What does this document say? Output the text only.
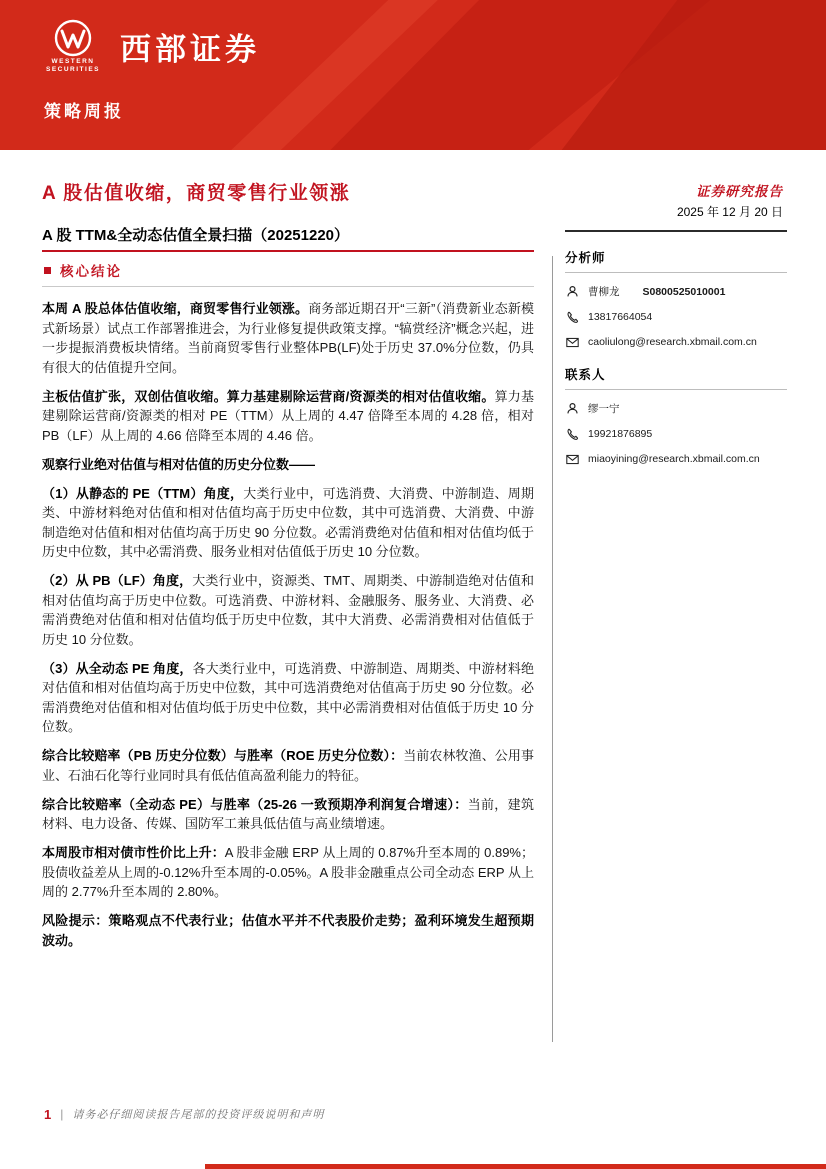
WESTERN
SECURITIES
西部证券
策略周报
A 股估值收缩，商贸零售行业领涨
A 股 TTM&全动态估值全景扫描（20251220）
证券研究报告
2025 年 12 月 20 日
核心结论

本周 A 股总体估值收缩，商贸零售行业领涨。商务部近期召开“三新”（消费新业态新模式新场景）试点工作部署推进会，为行业修复提供政策支撑。“犒赏经济”概念兴起，进一步提振消费板块情绪。当前商贸零售行业整体PB(LF)处于历史 37.0%分位数，仍具有很大的估值提升空间。

主板估值扩张，双创估值收缩。算力基建剔除运营商/资源类的相对估值收缩。算力基建剔除运营商/资源类的相对 PE（TTM）从上周的 4.47 倍降至本周的 4.28 倍，相对 PB（LF）从上周的 4.66 倍降至本周的 4.46 倍。

观察行业绝对估值与相对估值的历史分位数——

（1）从静态的 PE（TTM）角度，大类行业中，可选消费、大消费、中游制造、周期类、中游材料绝对估值和相对估值均高于历史中位数，其中可选消费、大消费、中游制造绝对估值和相对估值均高于历史 90 分位数。必需消费绝对估值和相对估值均低于历史中位数，其中必需消费、服务业相对估值低于历史 10 分位数。

（2）从 PB（LF）角度，大类行业中，资源类、TMT、周期类、中游制造绝对估值和相对估值均高于历史中位数。可选消费、中游材料、金融服务、服务业、大消费、必需消费绝对估值和相对估值均低于历史中位数，其中大消费、必需消费相对估值低于历史 10 分位数。

（3）从全动态 PE 角度，各大类行业中，可选消费、中游制造、周期类、中游材料绝对估值和相对估值均高于历史中位数，其中可选消费绝对估值高于历史 90 分位数。必需消费绝对估值和相对估值均低于历史中位数，其中必需消费相对估值低于历史 10 分位数。

综合比较赔率（PB 历史分位数）与胜率（ROE 历史分位数）：当前农林牧渔、公用事业、石油石化等行业同时具有低估值高盈利能力的特征。

综合比较赔率（全动态 PE）与胜率（25-26 一致预期净利润复合增速）：当前，建筑材料、电力设备、传媒、国防军工兼具低估值与高业绩增速。

本周股市相对债市性价比上升：A 股非金融 ERP 从上周的 0.87%升至本周的 0.89%；股债收益差从上周的-0.12%升至本周的-0.05%。A 股非金融重点公司全动态 ERP 从上周的 2.77%升至本周的 2.80%。

风险提示：策略观点不代表行业；估值水平并不代表股价走势；盈利环境发生超预期波动。

分析师
曹柳龙 S0800525010001
13817664054
caoliulong@research.xbmail.com.cn
联系人
缪一宁
19921876895
miaoyining@research.xbmail.com.cn
1 | 请务必仔细阅读报告尾部的投资评级说明和声明
